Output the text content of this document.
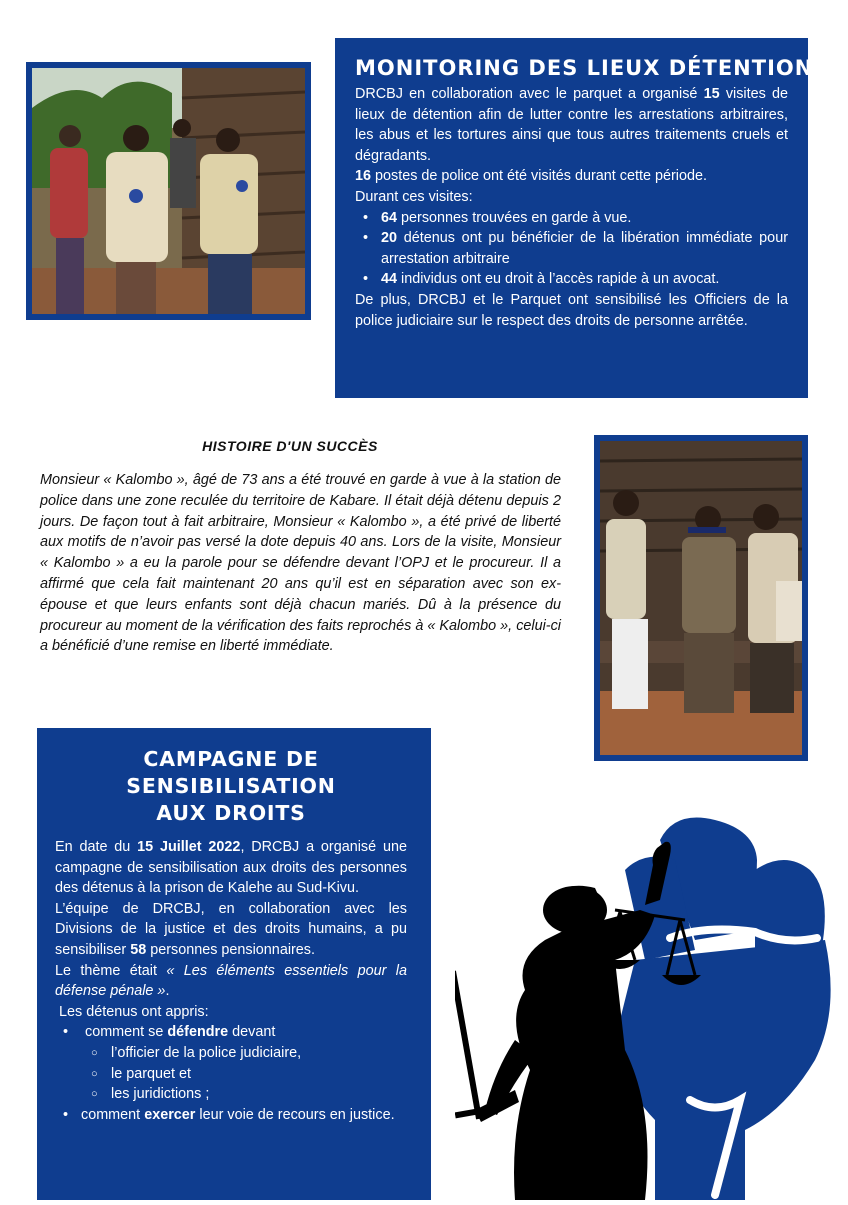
MONITORING DES LIEUX DÉTENTION

DRCBJ en collaboration avec le parquet a organisé 15 visites de lieux de détention afin de lutter contre les arrestations arbitraires, les abus et les tortures ainsi que tous autres traitements cruels et dégradants.

16 postes de police ont été visités durant cette période.

Durant ces visites:

• 64 personnes trouvées en garde à vue.
• 20 détenus ont pu bénéficier de la libération immédiate pour arrestation arbitraire
• 44 individus ont eu droit à l’accès rapide à un avocat.

De plus, DRCBJ et le Parquet ont sensibilisé les Officiers de la police judiciaire sur le respect des droits de personne arrêtée.

HISTOIRE D'UN SUCCÈS

Monsieur « Kalombo », âgé de 73 ans a été trouvé en garde à vue à la station de police dans une zone reculée du territoire de Kabare. Il était déjà détenu depuis 2 jours. De façon tout à fait arbitraire, Monsieur « Kalombo », a été privé de liberté aux motifs de n’avoir pas versé la dote depuis 40 ans. Lors de la visite, Monsieur « Kalombo » a eu la parole pour se défendre devant l’OPJ et le procureur. Il a affirmé que cela fait maintenant 20 ans qu’il est en séparation avec son ex-épouse et que leurs enfants sont déjà chacun mariés. Dû à la présence du procureur au moment de la vérification des faits reprochés à « Kalombo », celui-ci a bénéficié d’une remise en liberté immédiate.

CAMPAGNE DE SENSIBILISATION
AUX DROITS

En date du 15 Juillet 2022, DRCBJ a organisé une campagne de sensibilisation aux droits des personnes des détenus à la prison de Kalehe au Sud-Kivu.

L’équipe de DRCBJ, en collaboration avec les Divisions de la justice et des droits humains, a pu sensibiliser 58 personnes pensionnaires.

Le thème était « Les éléments essentiels pour la défense pénale ».

Les détenus ont appris:

• comment se défendre devant
○ l’officier de la police judiciaire,
○ le parquet et
○ les juridictions ;
• comment exercer leur voie de recours en justice.
